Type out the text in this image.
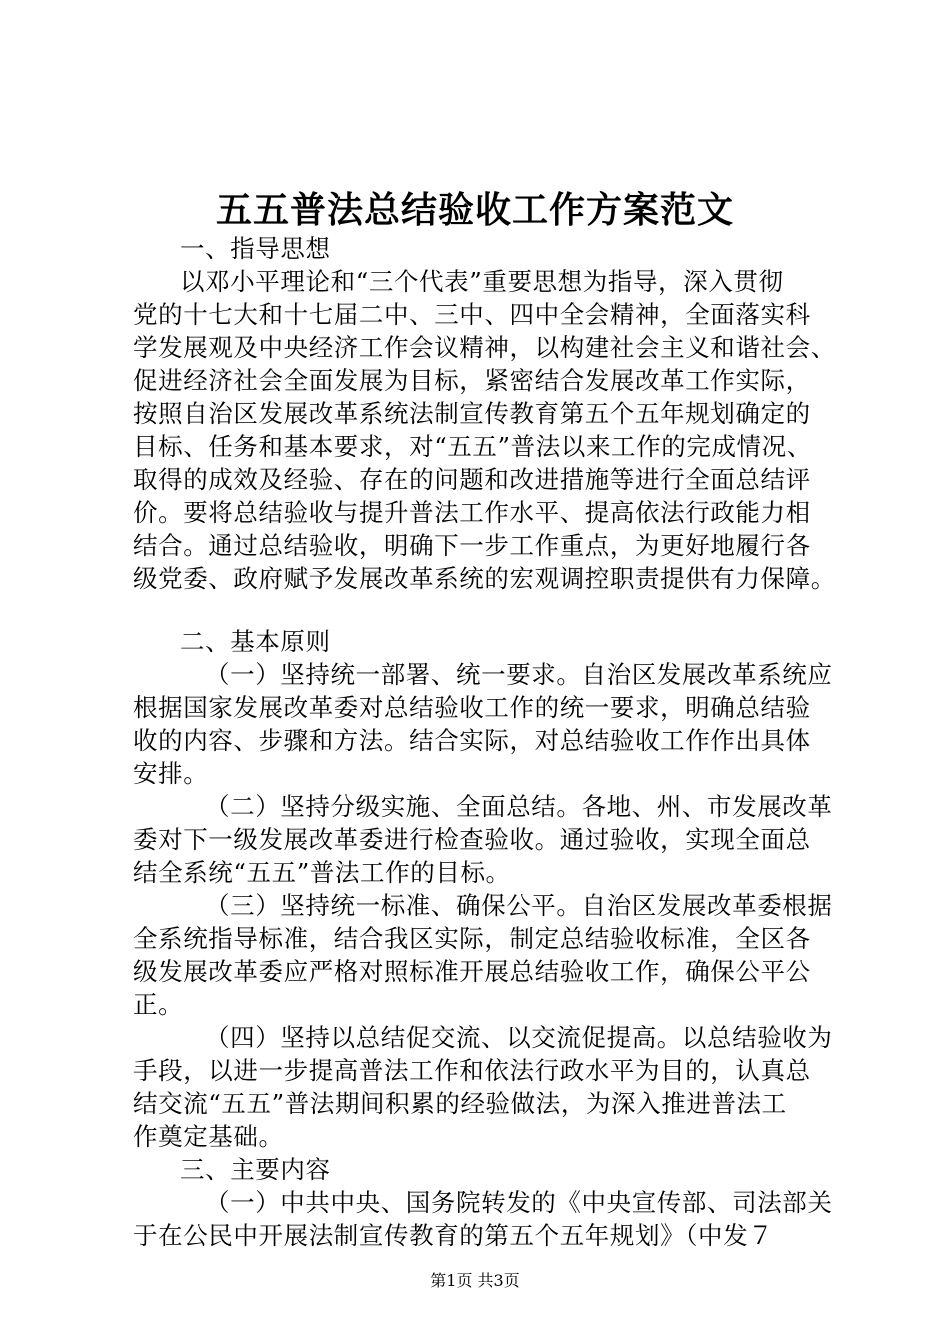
五五普法总结验收工作方案范文
一、指导思想
以邓小平理论和“三个代表”重要思想为指导，深入贯彻
党的十七大和十七届二中、三中、四中全会精神，全面落实科
学发展观及中央经济工作会议精神，以构建社会主义和谐社会、
促进经济社会全面发展为目标，紧密结合发展改革工作实际，
按照自治区发展改革系统法制宣传教育第五个五年规划确定的
目标、任务和基本要求，对“五五”普法以来工作的完成情况、
取得的成效及经验、存在的问题和改进措施等进行全面总结评
价。要将总结验收与提升普法工作水平、提高依法行政能力相
结合。通过总结验收，明确下一步工作重点，为更好地履行各
级党委、政府赋予发展改革系统的宏观调控职责提供有力保障。
二、基本原则
（一）坚持统一部署、统一要求。自治区发展改革系统应
根据国家发展改革委对总结验收工作的统一要求，明确总结验
收的内容、步骤和方法。结合实际，对总结验收工作作出具体
安排。
（二）坚持分级实施、全面总结。各地、州、市发展改革
委对下一级发展改革委进行检查验收。通过验收，实现全面总
结全系统“五五”普法工作的目标。
（三）坚持统一标准、确保公平。自治区发展改革委根据
全系统指导标准，结合我区实际，制定总结验收标准，全区各
级发展改革委应严格对照标准开展总结验收工作，确保公平公
正。
（四）坚持以总结促交流、以交流促提高。以总结验收为
手段，以进一步提高普法工作和依法行政水平为目的，认真总
结交流“五五”普法期间积累的经验做法，为深入推进普法工
作奠定基础。
三、主要内容
（一）中共中央、国务院转发的《中央宣传部、司法部关
于在公民中开展法制宣传教育的第五个五年规划》（中发７
第1页 共3页
